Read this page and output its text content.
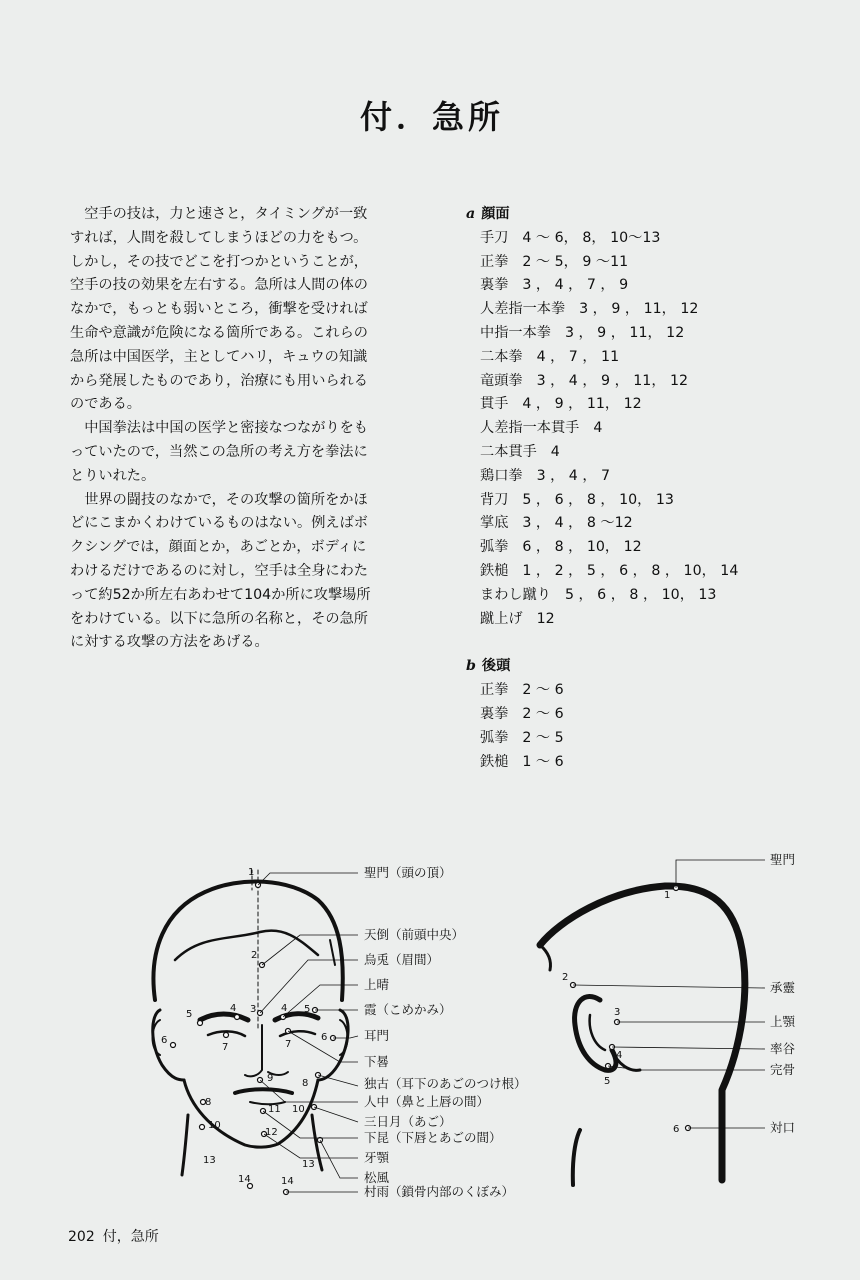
付．急所

空手の技は，力と速さと，タイミングが一致すれば，人間を殺してしまうほどの力をもつ。しかし，その技でどこを打つかということが，空手の技の効果を左右する。急所は人間の体のなかで，もっとも弱いところ，衝撃を受ければ生命や意識が危険になる箇所である。これらの急所は中国医学，主としてハリ，キュウの知識から発展したものであり，治療にも用いられるのである。

中国拳法は中国の医学と密接なつながりをもっていたので，当然この急所の考え方を拳法にとりいれた。

世界の闘技のなかで，その攻撃の箇所をかほどにこまかくわけているものはない。例えばボクシングでは，顔面とか，あごとか，ボディにわけるだけであるのに対し，空手は全身にわたって約52か所左右あわせて104か所に攻撃場所をわけている。以下に急所の名称と，その急所に対する攻撃の方法をあげる。

a 顔面
手刀 4 ～ 6， 8， 10～13
正拳 2 ～ 5， 9 ～11
裏拳 3 ， 4 ， 7 ， 9
人差指一本拳 3 ， 9 ， 11， 12
中指一本拳 3 ， 9 ， 11， 12
二本拳 4 ， 7 ， 11
竜頭拳 3 ， 4 ， 9 ， 11， 12
貫手 4 ， 9 ， 11， 12
人差指一本貫手 4
二本貫手 4
鶏口拳 3 ， 4 ， 7
背刀 5 ， 6 ， 8 ， 10， 13
掌底 3 ， 4 ， 8 ～12
弧拳 6 ， 8 ， 10， 12
鉄槌 1 ， 2 ， 5 ， 6 ， 8 ， 10， 14
まわし蹴り 5 ， 6 ， 8 ， 10， 13
蹴上げ 12
b 後頭
正拳 2 ～ 6
裏拳 2 ～ 6
弧拳 2 ～ 5
鉄槌 1 ～ 6
聖門（頭の頂）
天倒（前頭中央）
烏兎（眉間）
上晴
霞（こめかみ）
耳門
下晷
独古（耳下のあごのつけ根）
人中（鼻と上唇の間）
三日月（あご）
下昆（下唇とあごの間）
牙顎
松風
村雨（鎖骨内部のくぼみ）
1
2
3
4	4
5	5
6	6
7	7
8
8
9
10
10
11
12
13	13
14	14
聖門
承靈
上顎
率谷
完骨
対口
1
2
3
4
5
6
202 付，急所
